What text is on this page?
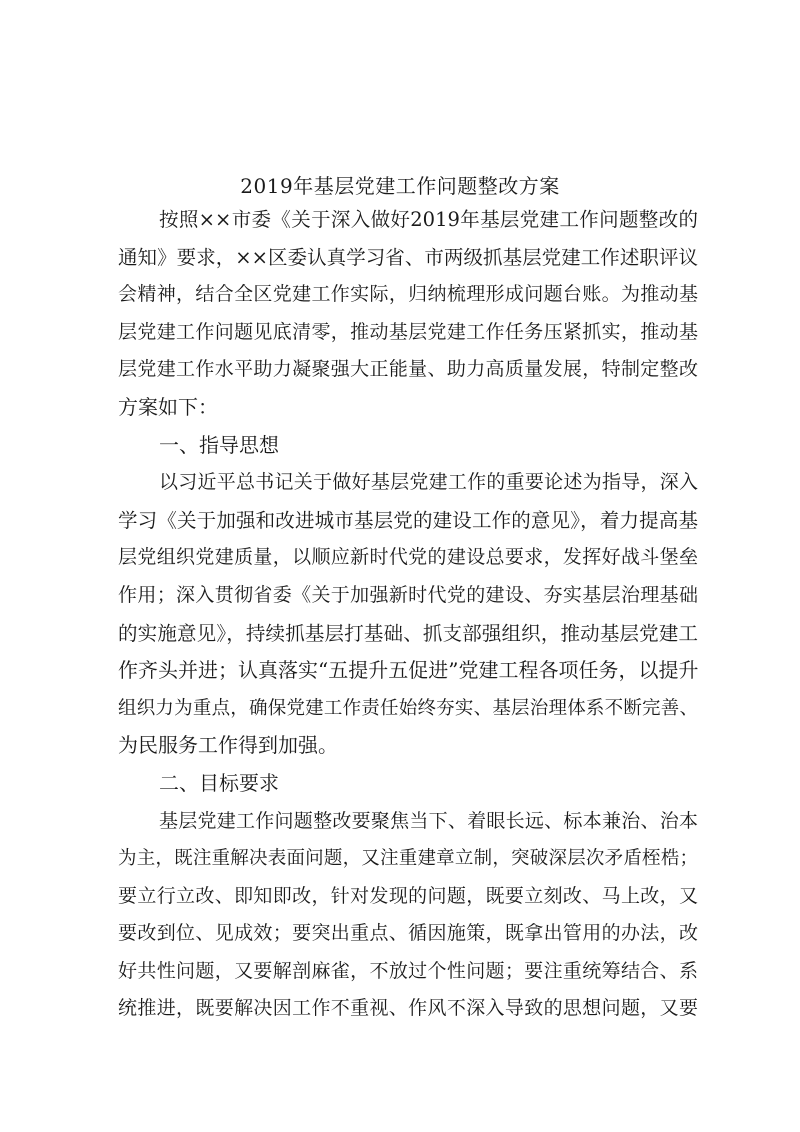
2019年基层党建工作问题整改方案
按照××市委《关于深入做好2019年基层党建工作问题整改的
通知》要求，××区委认真学习省、市两级抓基层党建工作述职评议
会精神，结合全区党建工作实际，归纳梳理形成问题台账。为推动基
层党建工作问题见底清零，推动基层党建工作任务压紧抓实，推动基
层党建工作水平助力凝聚强大正能量、助力高质量发展，特制定整改
方案如下：
一、指导思想
以习近平总书记关于做好基层党建工作的重要论述为指导，深入
学习《关于加强和改进城市基层党的建设工作的意见》，着力提高基
层党组织党建质量，以顺应新时代党的建设总要求，发挥好战斗堡垒
作用；深入贯彻省委《关于加强新时代党的建设、夯实基层治理基础
的实施意见》，持续抓基层打基础、抓支部强组织，推动基层党建工
作齐头并进；认真落实“五提升五促进”党建工程各项任务，以提升
组织力为重点，确保党建工作责任始终夯实、基层治理体系不断完善、
为民服务工作得到加强。
二、目标要求
基层党建工作问题整改要聚焦当下、着眼长远、标本兼治、治本
为主，既注重解决表面问题，又注重建章立制，突破深层次矛盾桎梏；
要立行立改、即知即改，针对发现的问题，既要立刻改、马上改，又
要改到位、见成效；要突出重点、循因施策，既拿出管用的办法，改
好共性问题，又要解剖麻雀，不放过个性问题；要注重统筹结合、系
统推进，既要解决因工作不重视、作风不深入导致的思想问题，又要
